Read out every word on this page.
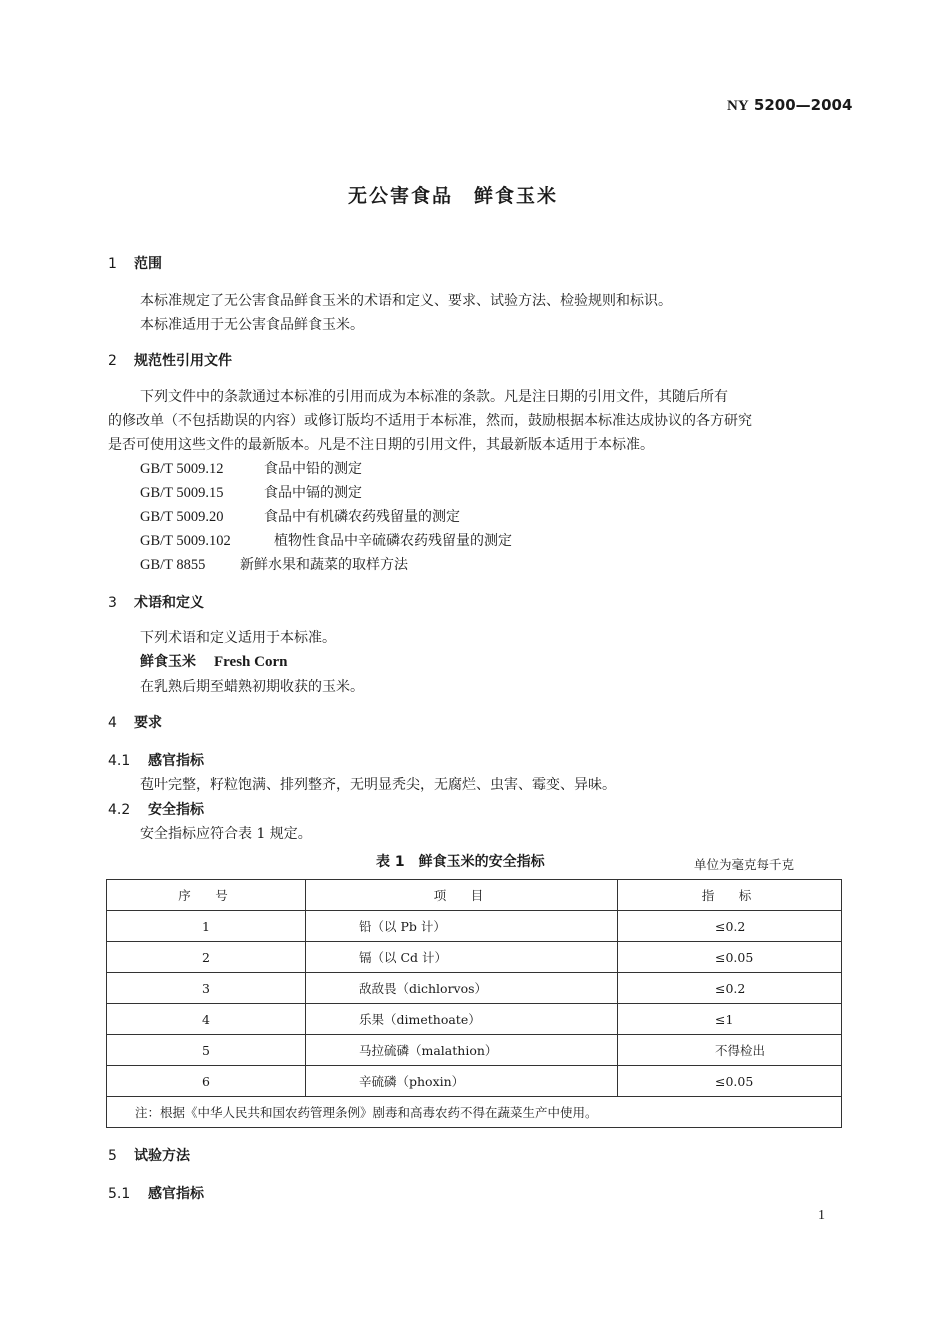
NY 5200—2004
无公害食品　鲜食玉米
1 范围
本标准规定了无公害食品鲜食玉米的术语和定义、要求、试验方法、检验规则和标识。
本标准适用于无公害食品鲜食玉米。
2 规范性引用文件
下列文件中的条款通过本标准的引用而成为本标准的条款。凡是注日期的引用文件，其随后所有
的修改单（不包括勘误的内容）或修订版均不适用于本标准，然而，鼓励根据本标准达成协议的各方研究
是否可使用这些文件的最新版本。凡是不注日期的引用文件，其最新版本适用于本标准。
GB/T 5009.12	食品中铅的测定
GB/T 5009.15	食品中镉的测定
GB/T 5009.20	食品中有机磷农药残留量的测定
GB/T 5009.102	植物性食品中辛硫磷农药残留量的测定
GB/T 8855 新鲜水果和蔬菜的取样方法
3 术语和定义
下列术语和定义适用于本标准。
鲜食玉米 Fresh Corn
在乳熟后期至蜡熟初期收获的玉米。
4 要求
4.1 感官指标
苞叶完整，籽粒饱满、排列整齐，无明显秃尖，无腐烂、虫害、霉变、异味。
4.2 安全指标
安全指标应符合表 1 规定。
表 1　鲜食玉米的安全指标	单位为毫克每千克
序　号	项　目	指　标
1	铅（以 Pb 计）	≤0.2
2	镉（以 Cd 计）	≤0.05
3	敌敌畏（dichlorvos）	≤0.2
4	乐果（dimethoate）	≤1
5	马拉硫磷（malathion）	不得检出
6	辛硫磷（phoxin）	≤0.05
注：根据《中华人民共和国农药管理条例》剧毒和高毒农药不得在蔬菜生产中使用。		
5 试验方法
5.1 感官指标
1
